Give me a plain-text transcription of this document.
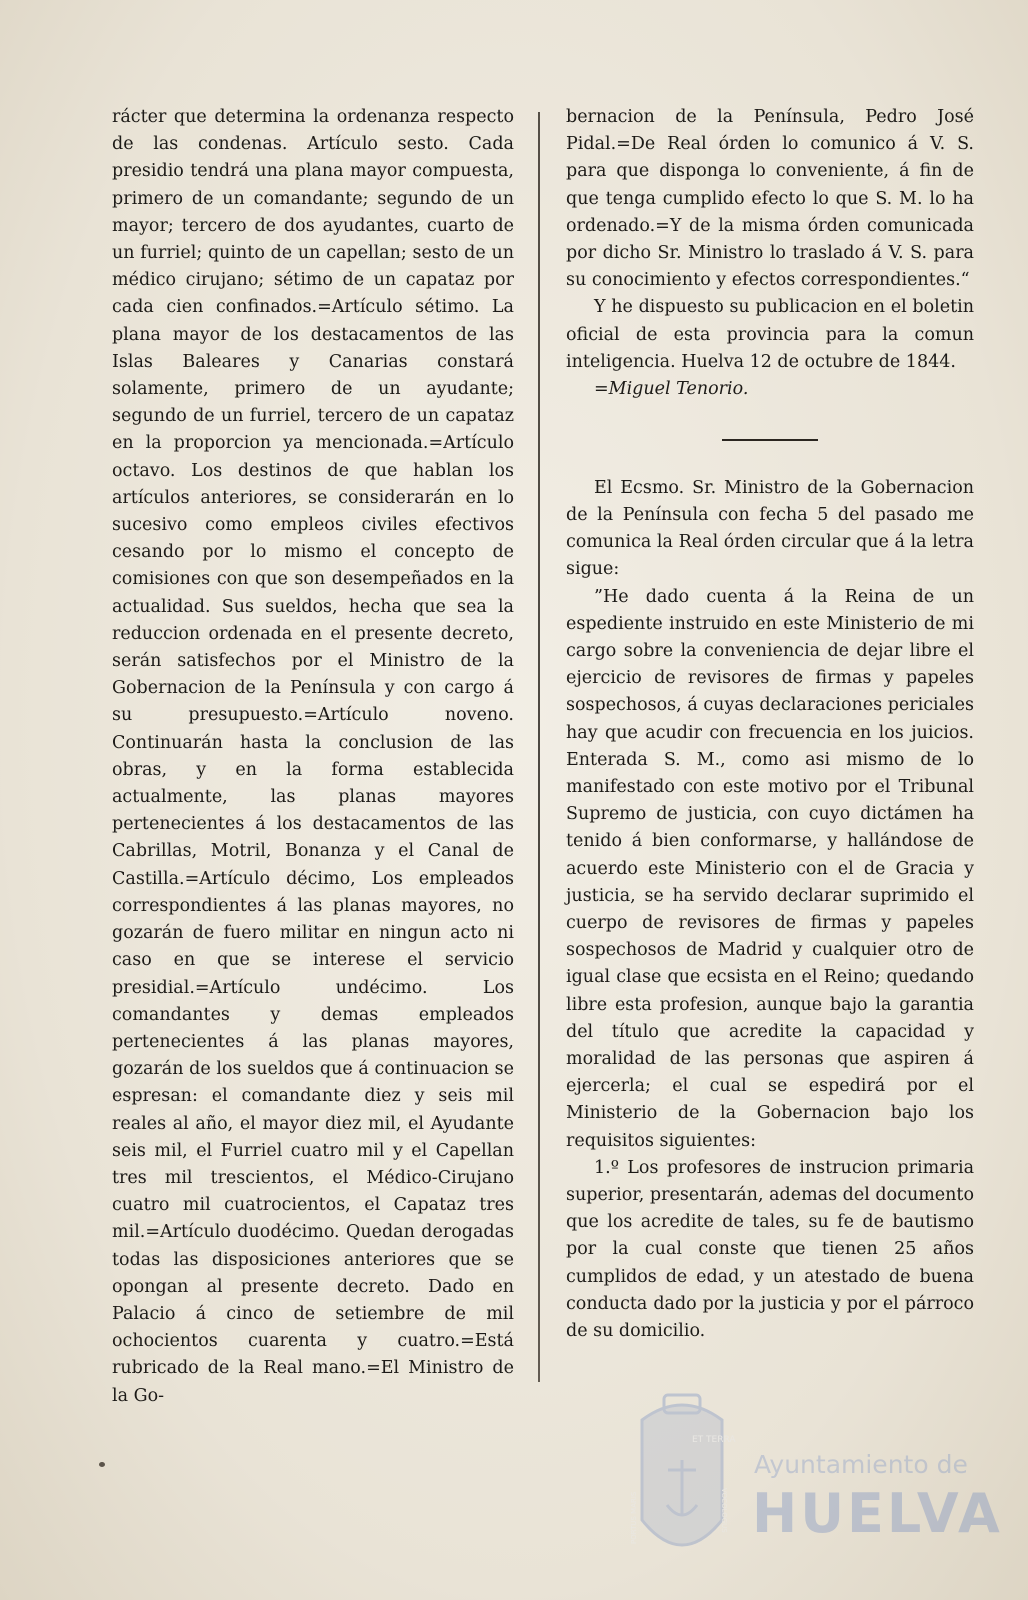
rácter que determina la ordenanza respecto de las condenas. Artículo sesto. Cada presidio tendrá una plana mayor compuesta, primero de un comandante; segundo de un mayor; tercero de dos ayudantes, cuarto de un furriel; quinto de un capellan; sesto de un médico cirujano; sétimo de un capataz por cada cien confinados.=Artículo sétimo. La plana mayor de los destacamentos de las Islas Baleares y Canarias constará solamente, primero de un ayudante; segundo de un furriel, tercero de un capataz en la proporcion ya mencionada.=Artículo octavo. Los destinos de que hablan los artículos anteriores, se considerarán en lo sucesivo como empleos civiles efectivos cesando por lo mismo el concepto de comisiones con que son desempeñados en la actualidad. Sus sueldos, hecha que sea la reduccion ordenada en el presente decreto, serán satisfechos por el Ministro de la Gobernacion de la Península y con cargo á su presupuesto.=Artículo noveno. Continuarán hasta la conclusion de las obras, y en la forma establecida actualmente, las planas mayores pertenecientes á los destacamentos de las Cabrillas, Motril, Bonanza y el Canal de Castilla.=Artículo décimo, Los empleados correspondientes á las planas mayores, no gozarán de fuero militar en ningun acto ni caso en que se interese el servicio presidial.=Artículo undécimo. Los comandantes y demas empleados pertenecientes á las planas mayores, gozarán de los sueldos que á continuacion se espresan: el comandante diez y seis mil reales al año, el mayor diez mil, el Ayudante seis mil, el Furriel cuatro mil y el Capellan tres mil trescientos, el Médico-Cirujano cuatro mil cuatrocientos, el Capataz tres mil.=Artículo duodécimo. Quedan derogadas todas las disposiciones anteriores que se opongan al presente decreto. Dado en Palacio á cinco de setiembre de mil ochocientos cuarenta y cuatro.=Está rubricado de la Real mano.=El Ministro de la Go-

bernacion de la Península, Pedro José Pidal.=De Real órden lo comunico á V. S. para que disponga lo conveniente, á fin de que tenga cumplido efecto lo que S. M. lo ha ordenado.=Y de la misma órden comunicada por dicho Sr. Ministro lo traslado á V. S. para su conocimiento y efectos correspondientes.“

Y he dispuesto su publicacion en el boletin oficial de esta provincia para la comun inteligencia. Huelva 12 de octubre de 1844.

=Miguel Tenorio.

El Ecsmo. Sr. Ministro de la Gobernacion de la Península con fecha 5 del pasado me comunica la Real órden circular que á la letra sigue:

”He dado cuenta á la Reina de un espediente instruido en este Ministerio de mi cargo sobre la conveniencia de dejar libre el ejercicio de revisores de firmas y papeles sospechosos, á cuyas declaraciones periciales hay que acudir con frecuencia en los juicios. Enterada S. M., como asi mismo de lo manifestado con este motivo por el Tribunal Supremo de justicia, con cuyo dictámen ha tenido á bien conformarse, y hallándose de acuerdo este Ministerio con el de Gracia y justicia, se ha servido declarar suprimido el cuerpo de revisores de firmas y papeles sospechosos de Madrid y cualquier otro de igual clase que ecsista en el Reino; quedando libre esta profesion, aunque bajo la garantia del título que acredite la capacidad y moralidad de las personas que aspiren á ejercerla; el cual se espedirá por el Ministerio de la Gobernacion bajo los requisitos siguientes:

1.º Los profesores de instrucion primaria superior, presentarán, ademas del documento que los acredite de tales, su fe de bautismo por la cual conste que tienen 25 años cumplidos de edad, y un atestado de buena conducta dado por la justicia y por el párroco de su domicilio.

ET TERRA
PORTUS MARIS	VOCOLOGUS
Ayuntamiento de
HUELVA
